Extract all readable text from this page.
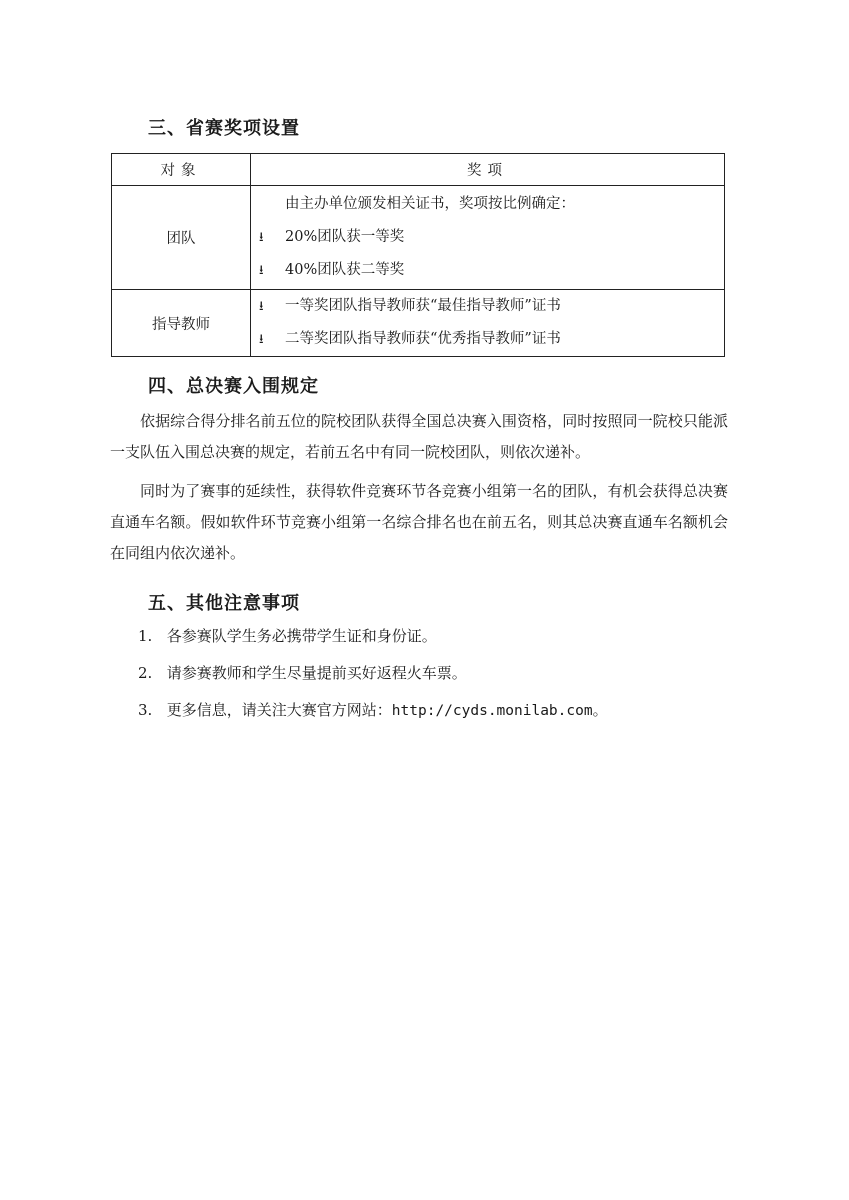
三、省赛奖项设置
对象	奖项
团队	由主办单位颁发相关证书，奖项按比例确定：
⭳ 20%团队获一等奖
⭳ 40%团队获二等奖

指导教师	⭳ 一等奖团队指导教师获“最佳指导教师”证书
⭳ 二等奖团队指导教师获“优秀指导教师”证书
四、总决赛入围规定

依据综合得分排名前五位的院校团队获得全国总决赛入围资格，同时按照同一院校只能派一支队伍入围总决赛的规定，若前五名中有同一院校团队，则依次递补。

同时为了赛事的延续性，获得软件竞赛环节各竞赛小组第一名的团队，有机会获得总决赛直通车名额。假如软件环节竞赛小组第一名综合排名也在前五名，则其总决赛直通车名额机会在同组内依次递补。

五、其他注意事项
1. 各参赛队学生务必携带学生证和身份证。
2. 请参赛教师和学生尽量提前买好返程火车票。
3. 更多信息，请关注大赛官方网站：http://cyds.monilab.com。
